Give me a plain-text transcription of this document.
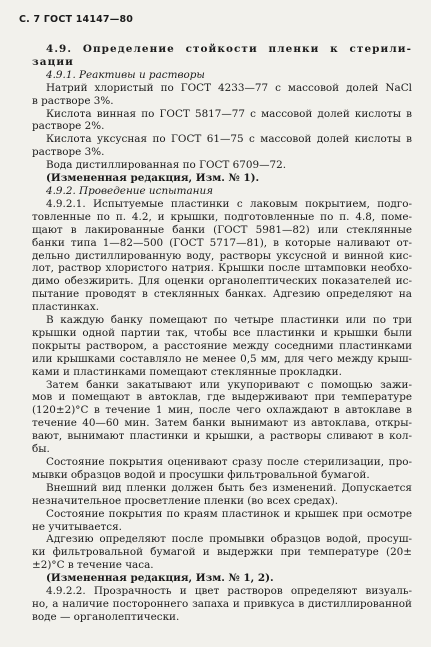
С. 7 ГОСТ 14147—80

4.9. Определение стойкости пленки к стерили-

зации

4.9.1. Реактивы и растворы

Натрий хлористый по ГОСТ 4233—77 с массовой долей NaCl

в растворе 3%.

Кислота винная по ГОСТ 5817—77 с массовой долей кислоты в

растворе 2%.

Кислота уксусная по ГОСТ 61—75 с массовой долей кислоты в

растворе 3%.

Вода дистиллированная по ГОСТ 6709—72.

(Измененная редакция, Изм. № 1).

4.9.2. Проведение испытания

4.9.2.1. Испытуемые пластинки с лаковым покрытием, подго-

товленные по п. 4.2, и крышки, подготовленные по п. 4.8, поме-

щают в лакированные банки (ГОСТ 5981—82) или стеклянные

банки типа 1—82—500 (ГОСТ 5717—81), в которые наливают от-

дельно дистиллированную воду, растворы уксусной и винной кис-

лот, раствор хлористого натрия. Крышки после штамповки необхо-

димо обезжирить. Для оценки органолептических показателей ис-

пытание проводят в стеклянных банках. Адгезию определяют на

пластинках.

В каждую банку помещают по четыре пластинки или по три

крышки одной партии так, чтобы все пластинки и крышки были

покрыты раствором, а расстояние между соседними пластинками

или крышками составляло не менее 0,5 мм, для чего между крыш-

ками и пластинками помещают стеклянные прокладки.

Затем банки закатывают или укупоривают с помощью зажи-

мов и помещают в автоклав, где выдерживают при температуре

(120±2)°C в течение 1 мин, после чего охлаждают в автоклаве в

течение 40—60 мин. Затем банки вынимают из автоклава, откры-

вают, вынимают пластинки и крышки, а растворы сливают в кол-

бы.

Состояние покрытия оценивают сразу после стерилизации, про-

мывки образцов водой и просушки фильтровальной бумагой.

Внешний вид пленки должен быть без изменений. Допускается

незначительное просветление пленки (во всех средах).

Состояние покрытия по краям пластинок и крышек при осмотре

не учитывается.

Адгезию определяют после промывки образцов водой, просуш-

ки фильтровальной бумагой и выдержки при температуре (20±

±2)°C в течение часа.

(Измененная редакция, Изм. № 1, 2).

4.9.2.2. Прозрачность и цвет растворов определяют визуаль-

но, а наличие постороннего запаха и привкуса в дистиллированной

воде — органолептически.
